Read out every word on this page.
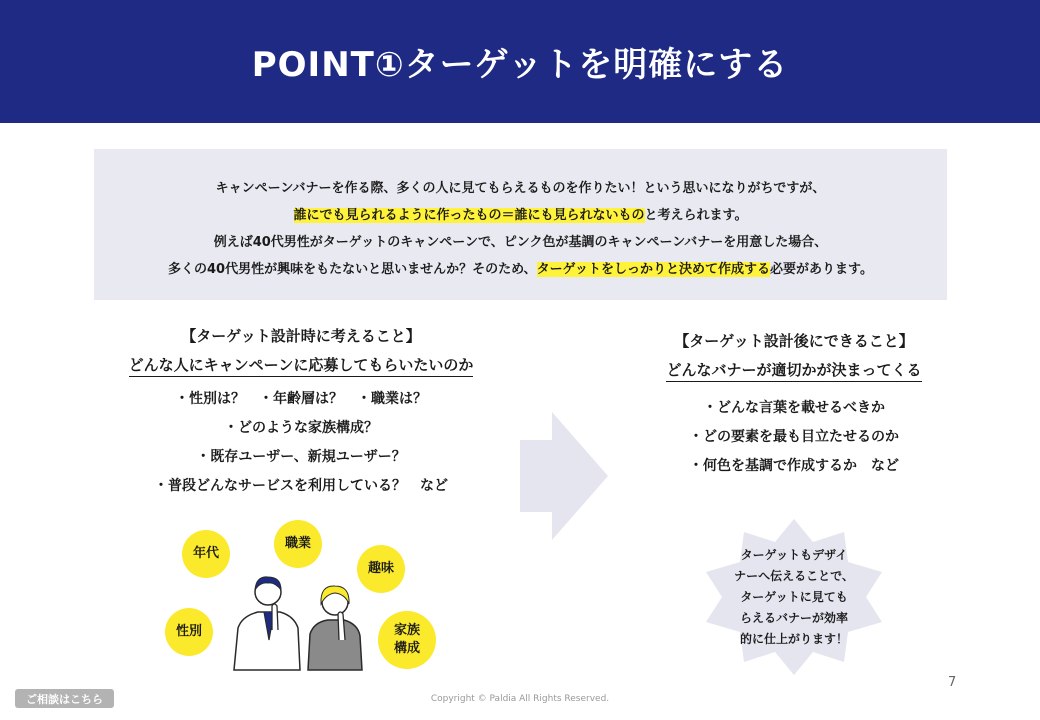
POINT①ターゲットを明確にする

キャンペーンバナーを作る際、多くの人に見てもらえるものを作りたい！という思いになりがちですが、

誰にでも見られるように作ったもの＝誰にも見られないものと考えられます。

例えば40代男性がターゲットのキャンペーンで、ピンク色が基調のキャンペーンバナーを用意した場合、

多くの40代男性が興味をもたないと思いませんか？そのため、ターゲットをしっかりと決めて作成する必要があります。

【ターゲット設計時に考えること】

どんな人にキャンペーンに応募してもらいたいのか
・性別は？　・年齢層は？　・職業は？
・どのような家族構成？
・既存ユーザー、新規ユーザー？
・普段どんなサービスを利用している？　など

【ターゲット設計後にできること】

どんなバナーが適切かが決まってくる
・どんな言葉を載せるべきか
・どの要素を最も目立たせるのか
・何色を基調で作成するか　など
年代
職業
趣味
性別	家族
構成
ターゲットもデザイ
ナーへ伝えることで、
ターゲットに見ても
らえるバナーが効率
的に仕上がります！
7
Copyright © Paldia All Rights Reserved.
ご相談はこちら
